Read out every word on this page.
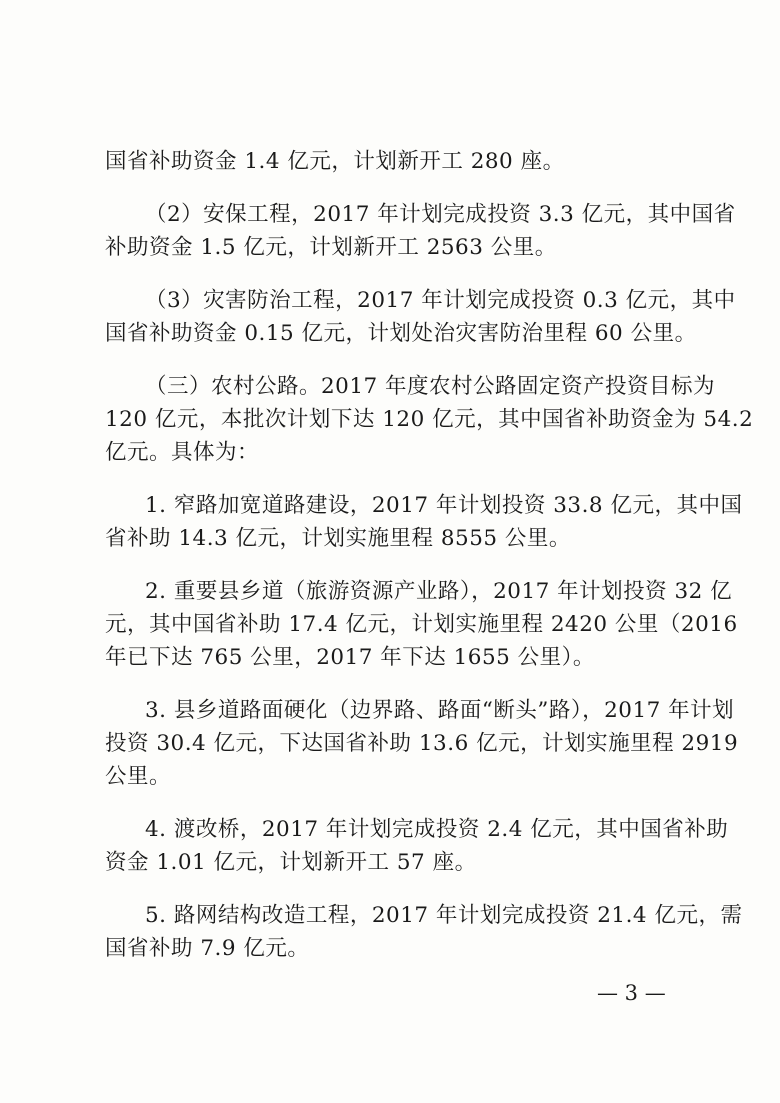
国省补助资金 1.4 亿元，计划新开工 280 座。

（2）安保工程，2017 年计划完成投资 3.3 亿元，其中国省

补助资金 1.5 亿元，计划新开工 2563 公里。

（3）灾害防治工程，2017 年计划完成投资 0.3 亿元，其中

国省补助资金 0.15 亿元，计划处治灾害防治里程 60 公里。

（三）农村公路。2017 年度农村公路固定资产投资目标为

120 亿元，本批次计划下达 120 亿元，其中国省补助资金为 54.2

亿元。具体为：

1. 窄路加宽道路建设，2017 年计划投资 33.8 亿元，其中国

省补助 14.3 亿元，计划实施里程 8555 公里。

2. 重要县乡道（旅游资源产业路），2017 年计划投资 32 亿

元，其中国省补助 17.4 亿元，计划实施里程 2420 公里（2016

年已下达 765 公里，2017 年下达 1655 公里）。

3. 县乡道路面硬化（边界路、路面“断头”路），2017 年计划

投资 30.4 亿元，下达国省补助 13.6 亿元，计划实施里程 2919

公里。

4. 渡改桥，2017 年计划完成投资 2.4 亿元，其中国省补助

资金 1.01 亿元，计划新开工 57 座。

5. 路网结构改造工程，2017 年计划完成投资 21.4 亿元，需

国省补助 7.9 亿元。

— 3 —
